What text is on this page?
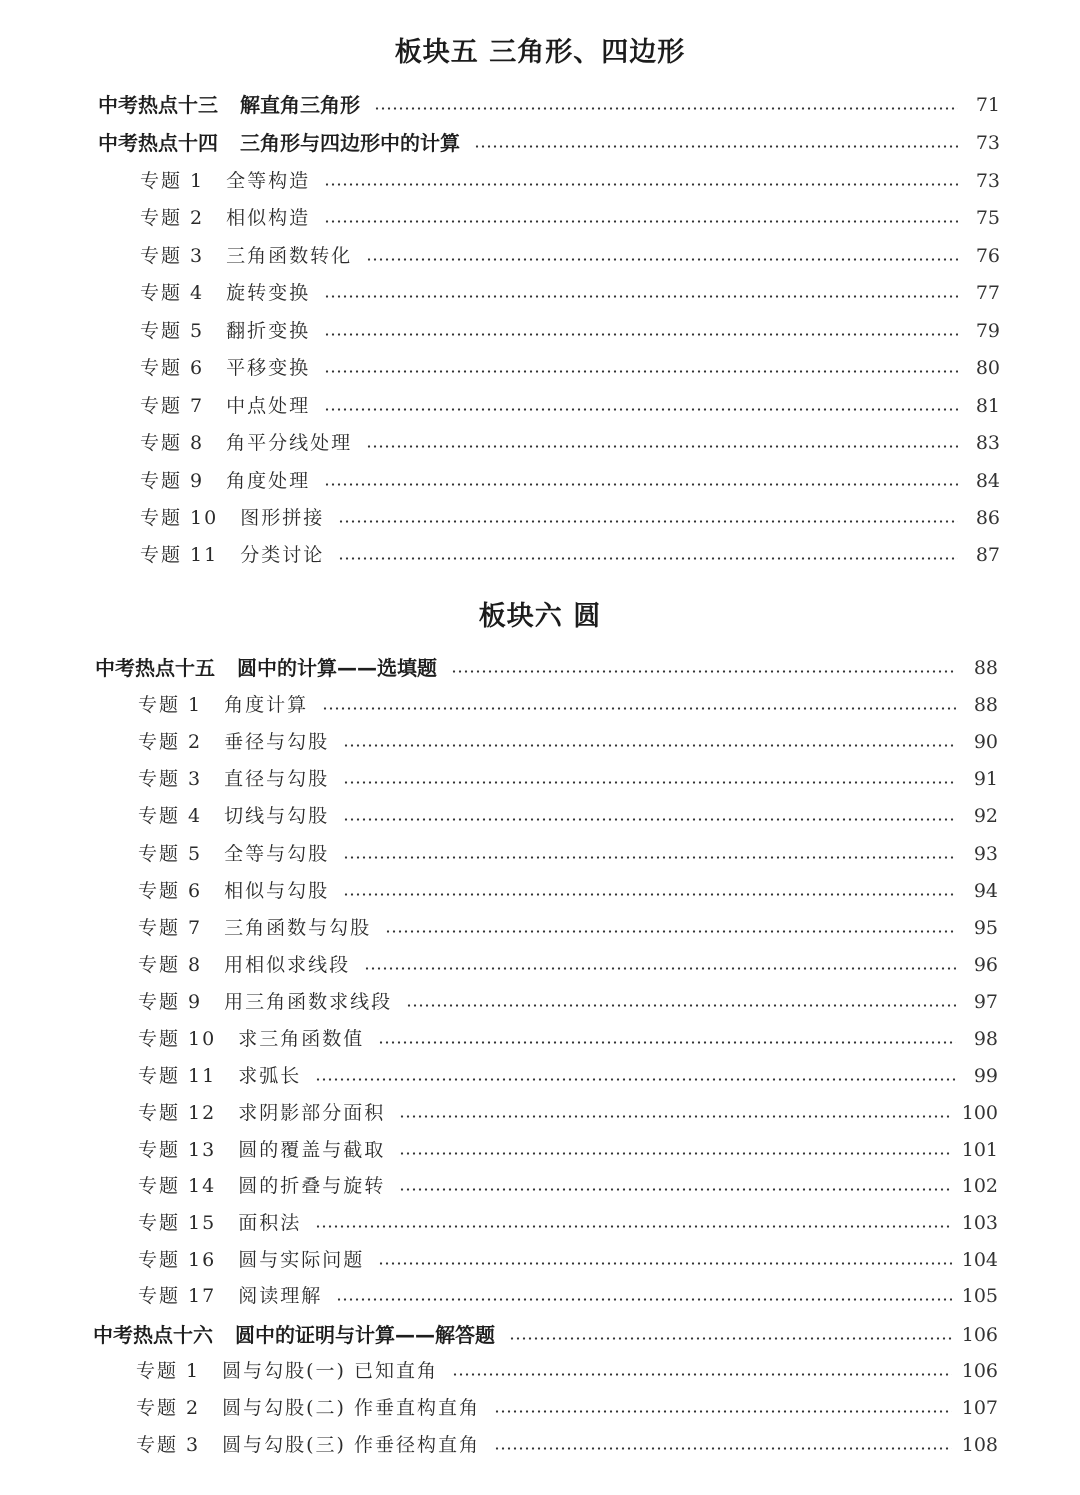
板块五 三角形、四边形
中考热点十三 解直角三角形	71
中考热点十四 三角形与四边形中的计算	73
专题 1 全等构造	73
专题 2 相似构造	75
专题 3 三角函数转化	76
专题 4 旋转变换	77
专题 5 翻折变换	79
专题 6 平移变换	80
专题 7 中点处理	81
专题 8 角平分线处理	83
专题 9 角度处理	84
专题 10 图形拼接	86
专题 11 分类讨论	87
板块六 圆
中考热点十五 圆中的计算——选填题	88
专题 1 角度计算	88
专题 2 垂径与勾股	90
专题 3 直径与勾股	91
专题 4 切线与勾股	92
专题 5 全等与勾股	93
专题 6 相似与勾股	94
专题 7 三角函数与勾股	95
专题 8 用相似求线段	96
专题 9 用三角函数求线段	97
专题 10 求三角函数值	98
专题 11 求弧长	99
专题 12 求阴影部分面积	100
专题 13 圆的覆盖与截取	101
专题 14 圆的折叠与旋转	102
专题 15 面积法	103
专题 16 圆与实际问题	104
专题 17 阅读理解	105
中考热点十六 圆中的证明与计算——解答题	106
专题 1 圆与勾股(一) 已知直角	106
专题 2 圆与勾股(二) 作垂直构直角	107
专题 3 圆与勾股(三) 作垂径构直角	108
